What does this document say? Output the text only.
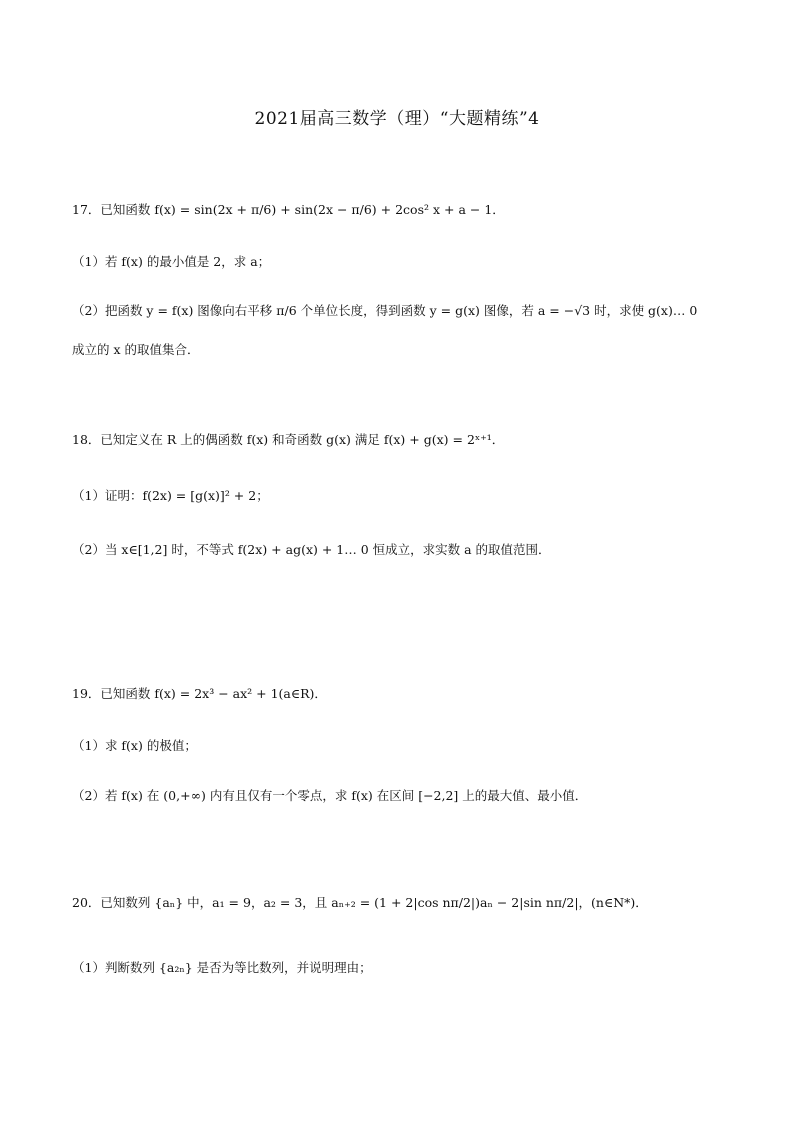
2021届高三数学（理）“大题精练”4
17．已知函数 f(x) = sin(2x + π/6) + sin(2x − π/6) + 2cos² x + a − 1．
（1）若 f(x) 的最小值是 2，求 a；
（2）把函数 y = f(x) 图像向右平移 π/6 个单位长度，得到函数 y = g(x) 图像，若 a = −√3 时，求使 g(x)… 0
成立的 x 的取值集合．
18．已知定义在 R 上的偶函数 f(x) 和奇函数 g(x) 满足 f(x) + g(x) = 2ˣ⁺¹．
（1）证明：f(2x) = [g(x)]² + 2；
（2）当 x∈[1,2] 时，不等式 f(2x) + ag(x) + 1… 0 恒成立，求实数 a 的取值范围．
19．已知函数 f(x) = 2x³ − ax² + 1(a∈R)．
（1）求 f(x) 的极值；
（2）若 f(x) 在 (0,+∞) 内有且仅有一个零点，求 f(x) 在区间 [−2,2] 上的最大值、最小值．
20．已知数列 {aₙ} 中，a₁ = 9，a₂ = 3，且 aₙ₊₂ = (1 + 2|cos nπ/2|)aₙ − 2|sin nπ/2|，(n∈N*)．
（1）判断数列 {a₂ₙ} 是否为等比数列，并说明理由；
